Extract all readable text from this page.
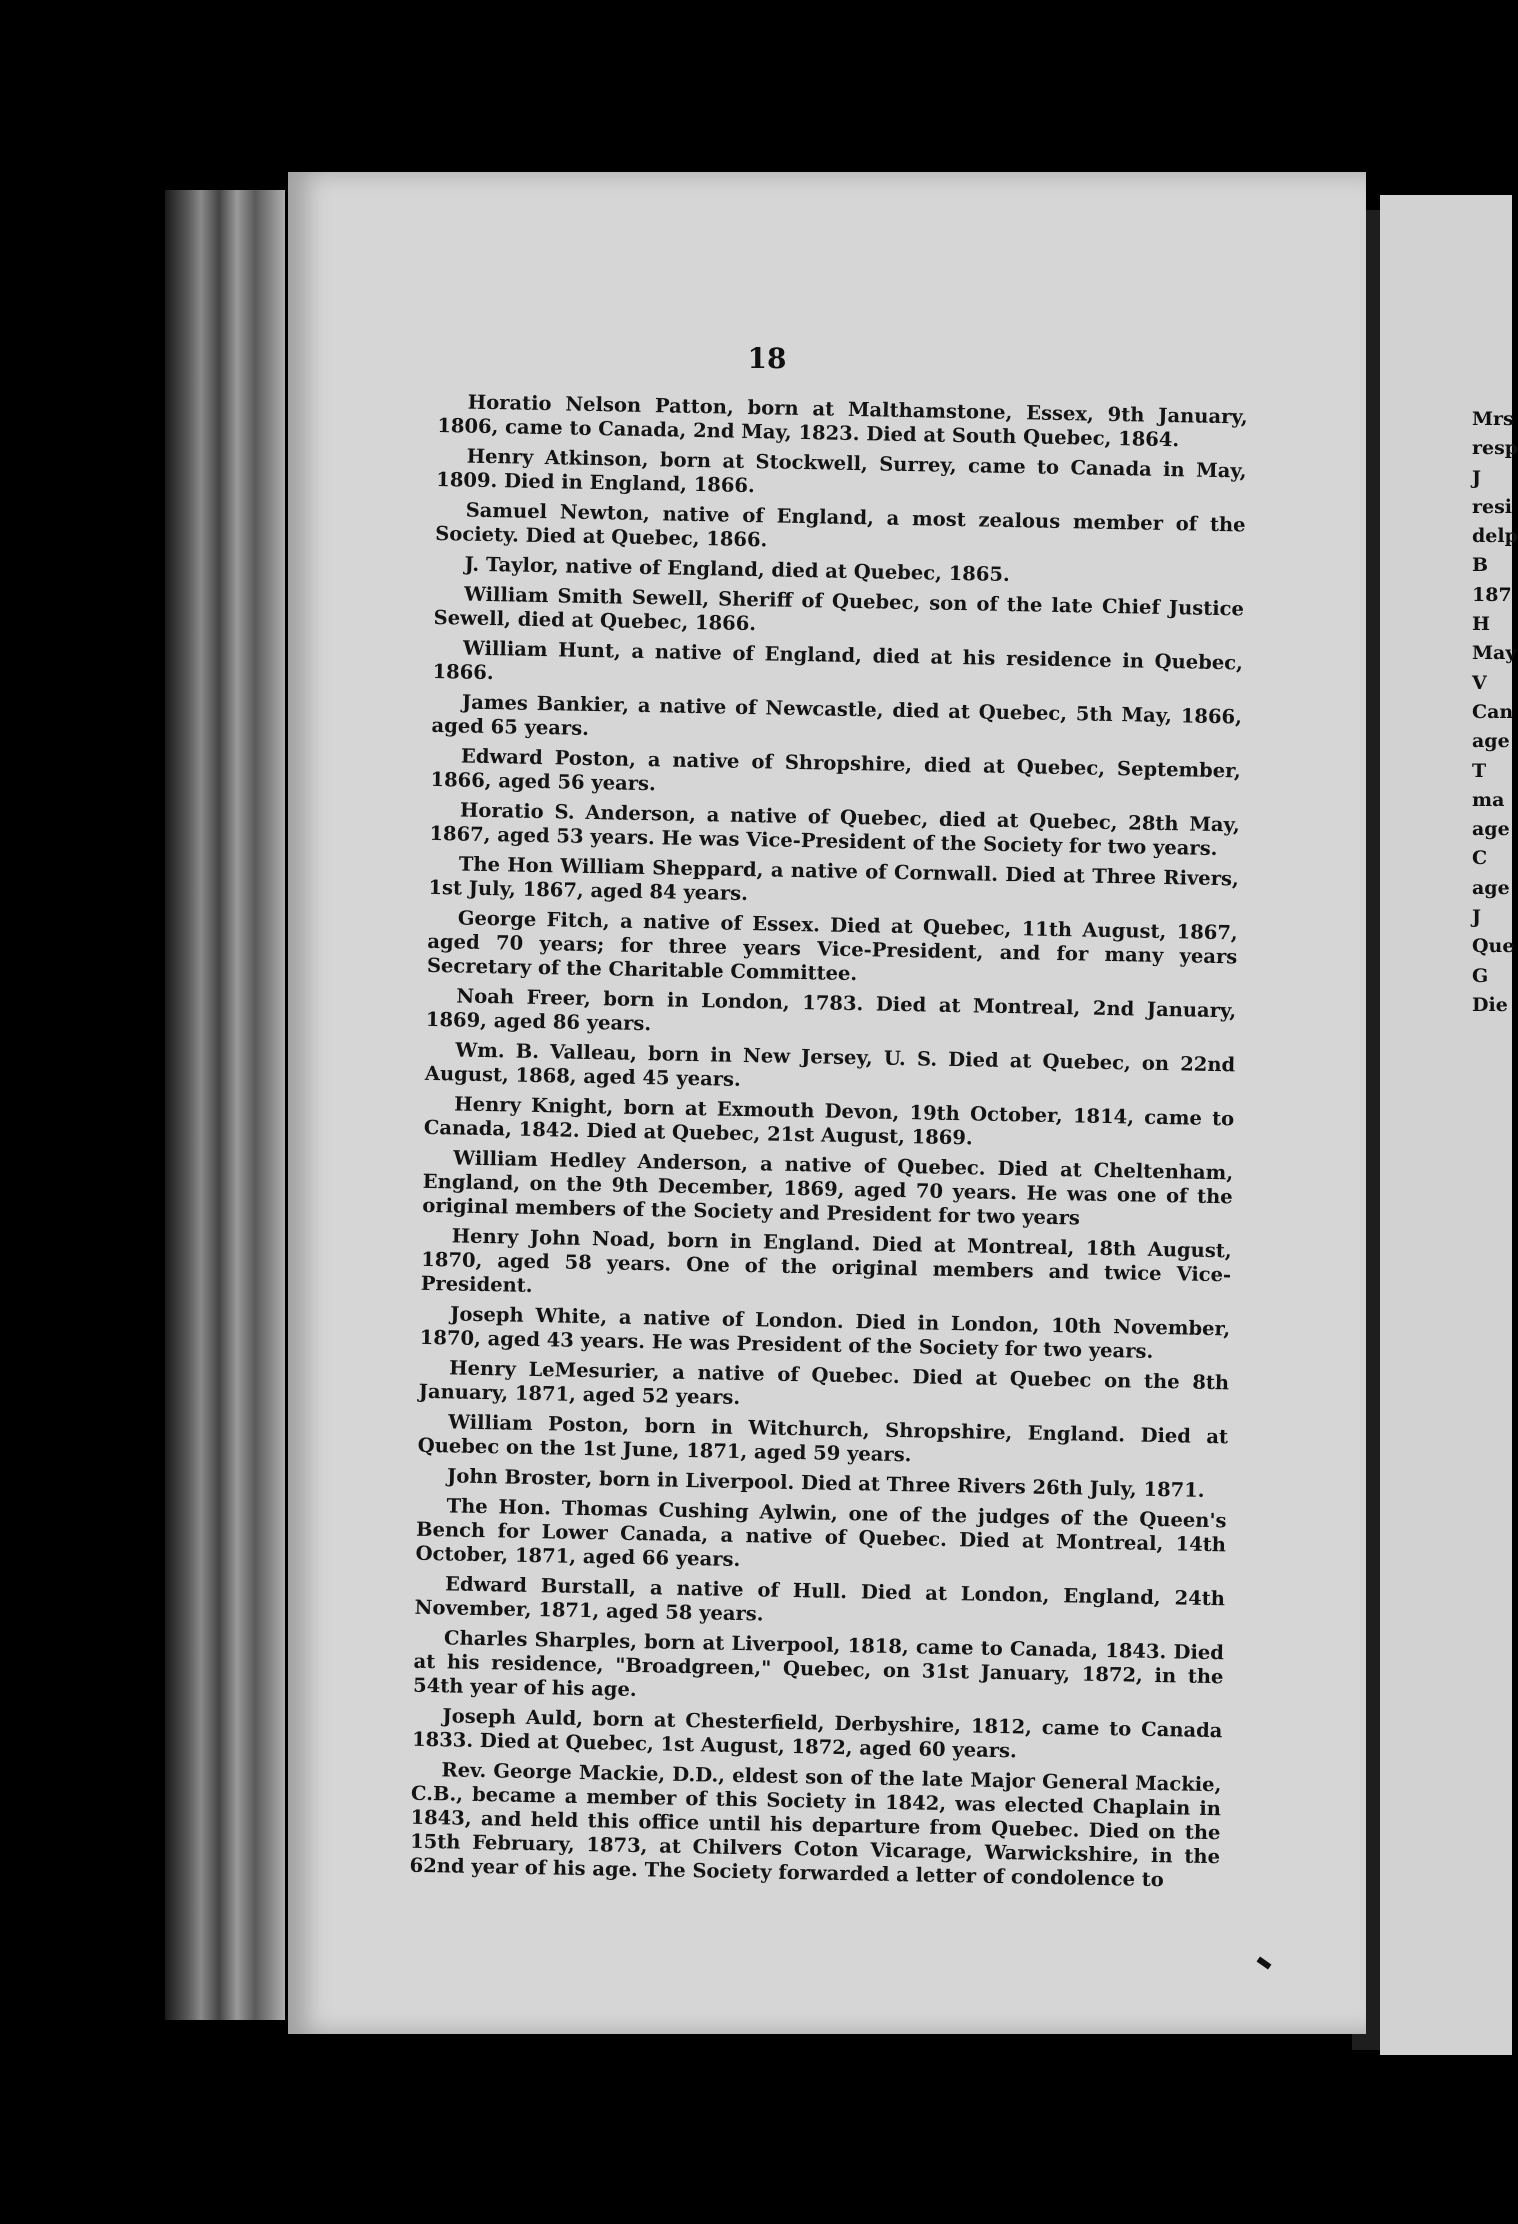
Mrs
resp
J
resi
delp
B
187
H
May
V
Can
age
T
ma
age
C
age
J
Que
G
Die
18

Horatio Nelson Patton, born at Malthamstone, Essex, 9th January, 1806, came to Canada, 2nd May, 1823. Died at South Quebec, 1864.

Henry Atkinson, born at Stockwell, Surrey, came to Canada in May, 1809. Died in England, 1866.

Samuel Newton, native of England, a most zealous member of the Society. Died at Quebec, 1866.

J. Taylor, native of England, died at Quebec, 1865.

William Smith Sewell, Sheriff of Quebec, son of the late Chief Justice Sewell, died at Quebec, 1866.

William Hunt, a native of England, died at his residence in Quebec, 1866.

James Bankier, a native of Newcastle, died at Quebec, 5th May, 1866, aged 65 years.

Edward Poston, a native of Shropshire, died at Quebec, September, 1866, aged 56 years.

Horatio S. Anderson, a native of Quebec, died at Quebec, 28th May, 1867, aged 53 years. He was Vice-President of the Society for two years.

The Hon William Sheppard, a native of Cornwall. Died at Three Rivers, 1st July, 1867, aged 84 years.

George Fitch, a native of Essex. Died at Quebec, 11th August, 1867, aged 70 years; for three years Vice-President, and for many years Secretary of the Charitable Committee.

Noah Freer, born in London, 1783. Died at Montreal, 2nd January, 1869, aged 86 years.

Wm. B. Valleau, born in New Jersey, U. S. Died at Quebec, on 22nd August, 1868, aged 45 years.

Henry Knight, born at Exmouth Devon, 19th October, 1814, came to Canada, 1842. Died at Quebec, 21st August, 1869.

William Hedley Anderson, a native of Quebec. Died at Cheltenham, England, on the 9th December, 1869, aged 70 years. He was one of the original members of the Society and President for two years

Henry John Noad, born in England. Died at Montreal, 18th August, 1870, aged 58 years. One of the original members and twice Vice-President.

Joseph White, a native of London. Died in London, 10th November, 1870, aged 43 years. He was President of the Society for two years.

Henry LeMesurier, a native of Quebec. Died at Quebec on the 8th January, 1871, aged 52 years.

William Poston, born in Witchurch, Shropshire, England. Died at Quebec on the 1st June, 1871, aged 59 years.

John Broster, born in Liverpool. Died at Three Rivers 26th July, 1871.

The Hon. Thomas Cushing Aylwin, one of the judges of the Queen's Bench for Lower Canada, a native of Quebec. Died at Montreal, 14th October, 1871, aged 66 years.

Edward Burstall, a native of Hull. Died at London, England, 24th November, 1871, aged 58 years.

Charles Sharples, born at Liverpool, 1818, came to Canada, 1843. Died at his residence, "Broadgreen," Quebec, on 31st January, 1872, in the 54th year of his age.

Joseph Auld, born at Chesterfield, Derbyshire, 1812, came to Canada 1833. Died at Quebec, 1st August, 1872, aged 60 years.

Rev. George Mackie, D.D., eldest son of the late Major General Mackie, C.B., became a member of this Society in 1842, was elected Chaplain in 1843, and held this office until his departure from Quebec. Died on the 15th February, 1873, at Chilvers Coton Vicarage, Warwickshire, in the 62nd year of his age. The Society forwarded a letter of condolence to
